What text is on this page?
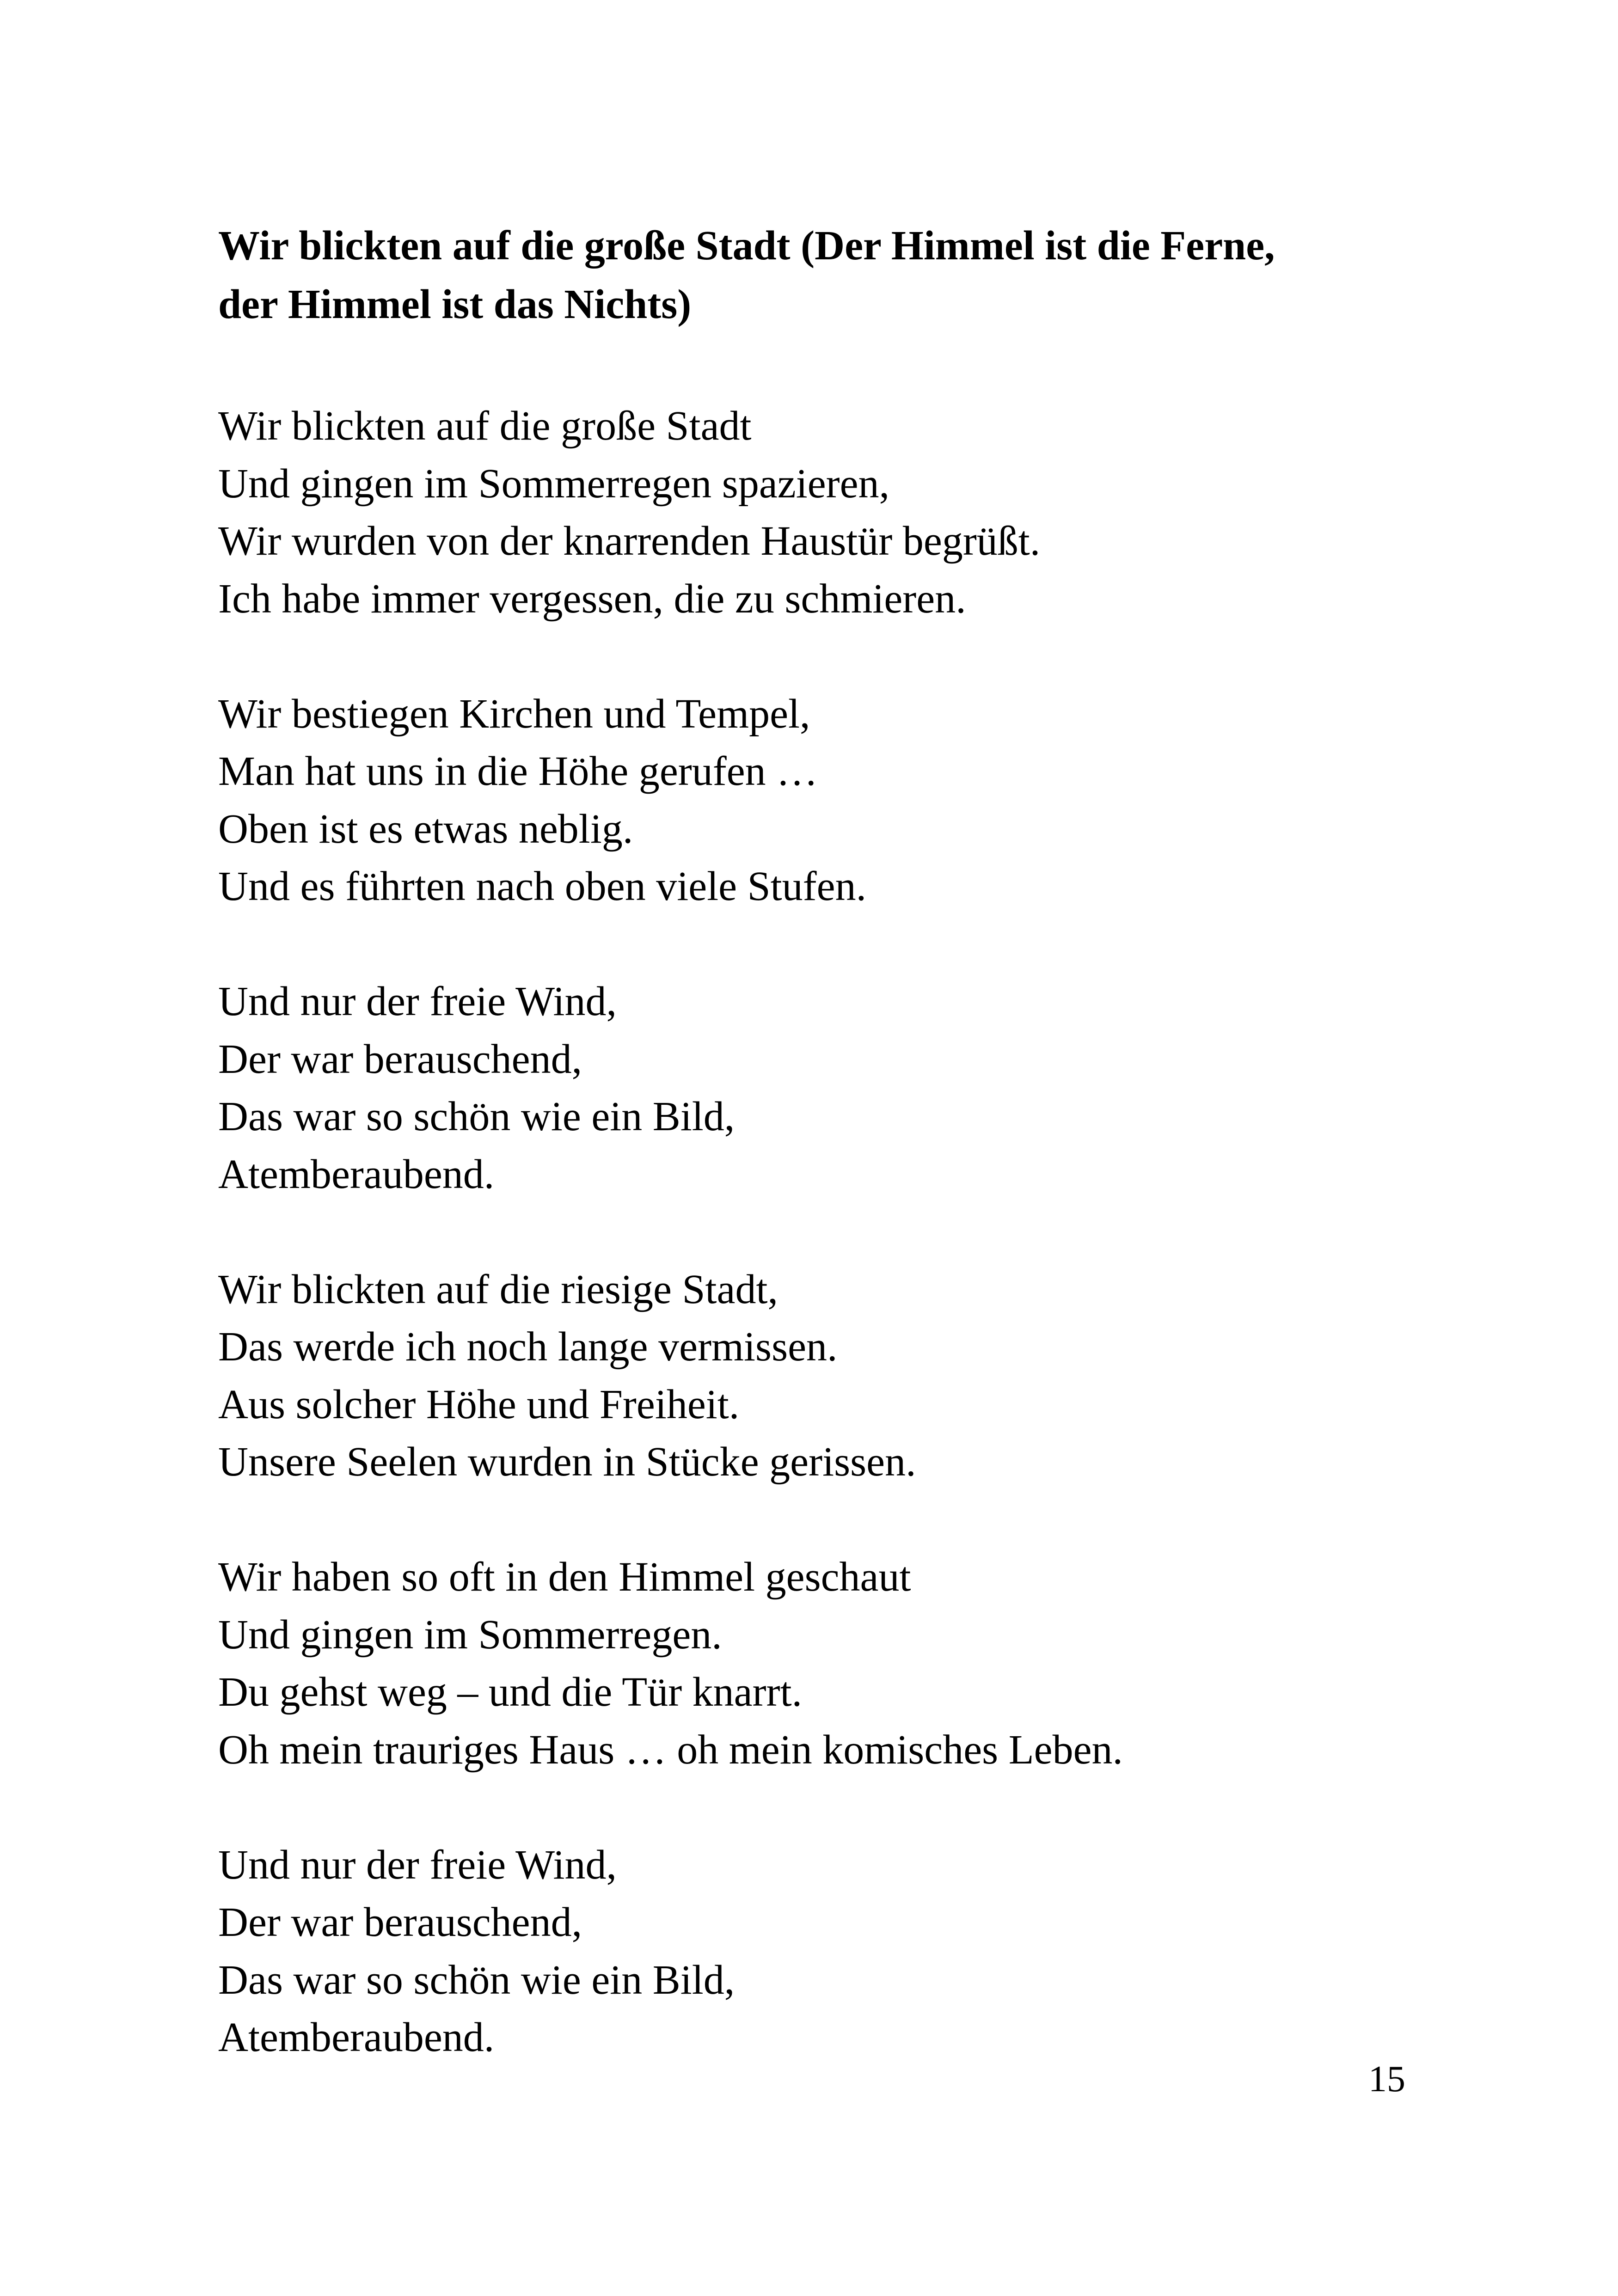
Wir blickten auf die große Stadt (Der Himmel ist die Ferne,
der Himmel ist das Nichts)

Wir blickten auf die große Stadt
Und gingen im Sommerregen spazieren,
Wir wurden von der knarrenden Haustür begrüßt.
Ich habe immer vergessen, die zu schmieren.

Wir bestiegen Kirchen und Tempel,
Man hat uns in die Höhe gerufen …
Oben ist es etwas neblig.
Und es führten nach oben viele Stufen.

Und nur der freie Wind,
Der war berauschend,
Das war so schön wie ein Bild,
Atemberaubend.

Wir blickten auf die riesige Stadt,
Das werde ich noch lange vermissen.
Aus solcher Höhe und Freiheit.
Unsere Seelen wurden in Stücke gerissen.

Wir haben so oft in den Himmel geschaut
Und gingen im Sommerregen.
Du gehst weg – und die Tür knarrt.
Oh mein trauriges Haus … oh mein komisches Leben.

Und nur der freie Wind,
Der war berauschend,
Das war so schön wie ein Bild,
Atemberaubend.

15
